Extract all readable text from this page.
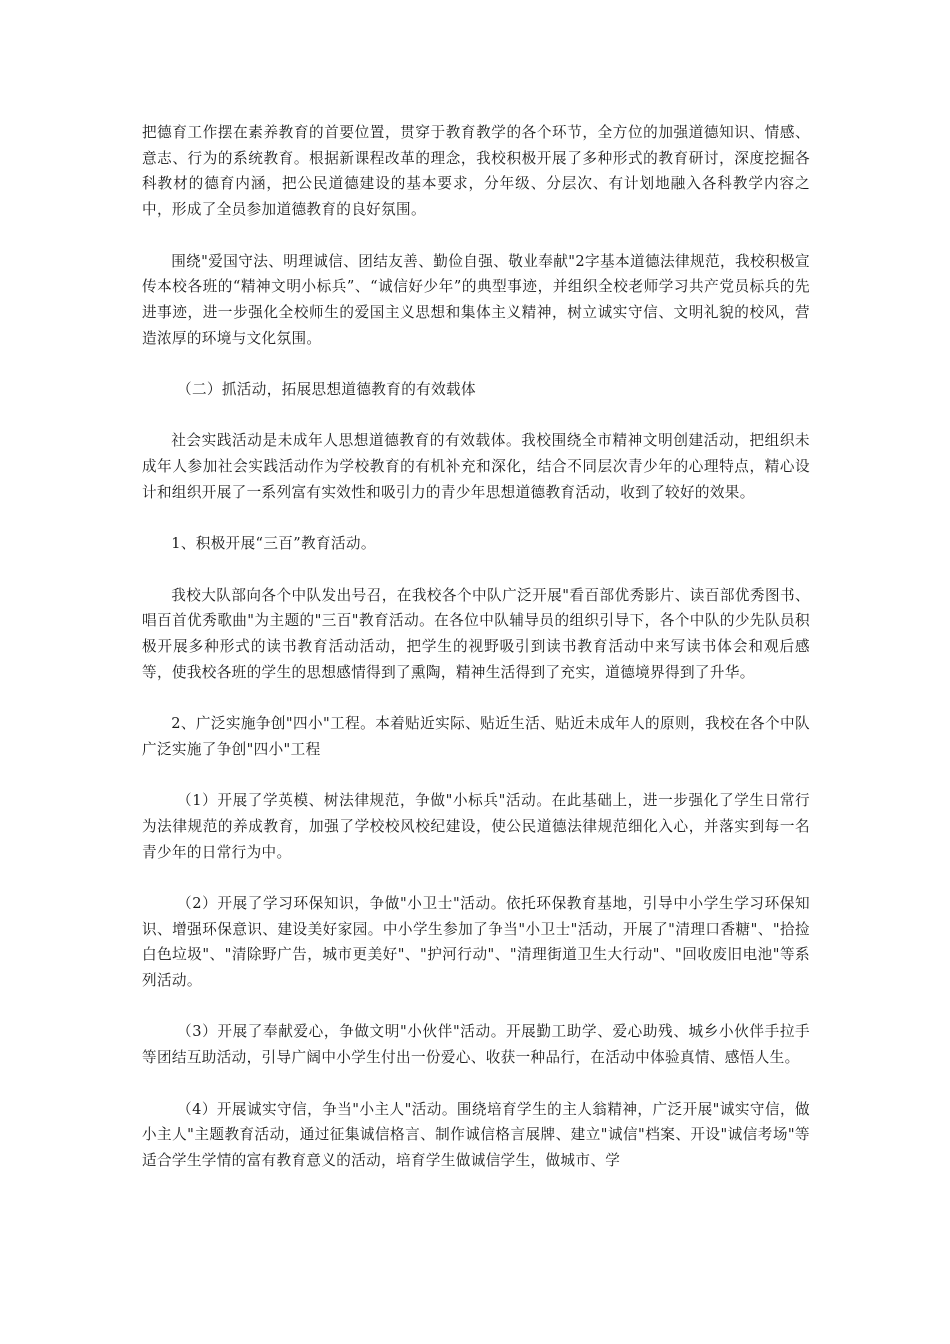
把德育工作摆在素养教育的首要位置，贯穿于教育教学的各个环节，全方位的加强道德知识、情感、意志、行为的系统教育。根据新课程改革的理念，我校积极开展了多种形式的教育研讨，深度挖掘各科教材的德育内涵，把公民道德建设的基本要求，分年级、分层次、有计划地融入各科教学内容之中，形成了全员参加道德教育的良好氛围。

围绕"爱国守法、明理诚信、团结友善、勤俭自强、敬业奉献"2字基本道德法律规范，我校积极宣传本校各班的“精神文明小标兵”、“诚信好少年”的典型事迹，并组织全校老师学习共产党员标兵的先进事迹，进一步强化全校师生的爱国主义思想和集体主义精神，树立诚实守信、文明礼貌的校风，营造浓厚的环境与文化氛围。

（二）抓活动，拓展思想道德教育的有效载体

社会实践活动是未成年人思想道德教育的有效载体。我校围绕全市精神文明创建活动，把组织未成年人参加社会实践活动作为学校教育的有机补充和深化，结合不同层次青少年的心理特点，精心设计和组织开展了一系列富有实效性和吸引力的青少年思想道德教育活动，收到了较好的效果。

1、积极开展“三百”教育活动。

我校大队部向各个中队发出号召，在我校各个中队广泛开展"看百部优秀影片、读百部优秀图书、唱百首优秀歌曲"为主题的"三百"教育活动。在各位中队辅导员的组织引导下，各个中队的少先队员积极开展多种形式的读书教育活动活动，把学生的视野吸引到读书教育活动中来写读书体会和观后感等，使我校各班的学生的思想感情得到了熏陶，精神生活得到了充实，道德境界得到了升华。

2、广泛实施争创"四小"工程。本着贴近实际、贴近生活、贴近未成年人的原则，我校在各个中队广泛实施了争创"四小"工程

（1）开展了学英模、树法律规范，争做"小标兵"活动。在此基础上，进一步强化了学生日常行为法律规范的养成教育，加强了学校校风校纪建设，使公民道德法律规范细化入心，并落实到每一名青少年的日常行为中。

（2）开展了学习环保知识，争做"小卫士"活动。依托环保教育基地，引导中小学生学习环保知识、增强环保意识、建设美好家园。中小学生参加了争当"小卫士"活动，开展了"清理口香糖"、"拾捡白色垃圾"、"清除野广告，城市更美好"、"护河行动"、"清理街道卫生大行动"、"回收废旧电池"等系列活动。

（3）开展了奉献爱心，争做文明"小伙伴"活动。开展勤工助学、爱心助残、城乡小伙伴手拉手等团结互助活动，引导广阔中小学生付出一份爱心、收获一种品行，在活动中体验真情、感悟人生。

（4）开展诚实守信，争当"小主人"活动。围绕培育学生的主人翁精神，广泛开展"诚实守信，做小主人"主题教育活动，通过征集诚信格言、制作诚信格言展牌、建立"诚信"档案、开设"诚信考场"等适合学生学情的富有教育意义的活动，培育学生做诚信学生，做城市、学
